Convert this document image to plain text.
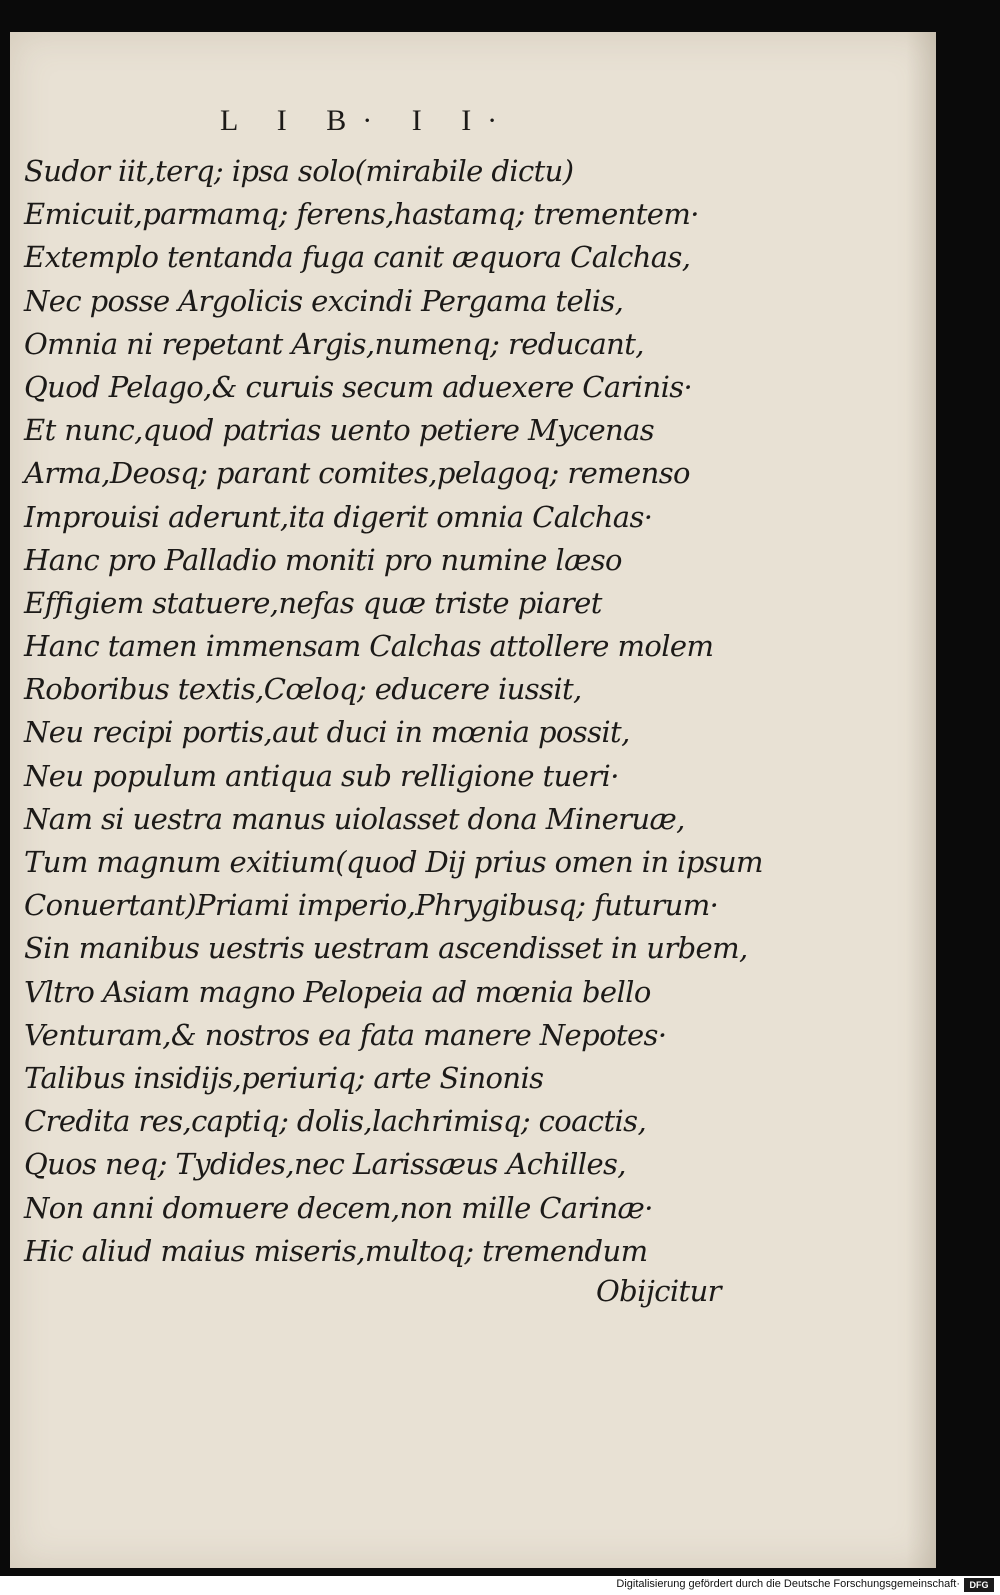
L I B· I I·
Sudor iit,terq; ipsa solo(mirabile dictu)
Emicuit,parmamq; ferens,hastamq; trementem·
Extemplo tentanda fuga canit æquora Calchas,
Nec posse Argolicis excindi Pergama telis,
Omnia ni repetant Argis,numenq; reducant,
Quod Pelago,& curuis secum aduexere Carinis·
Et nunc,quod patrias uento petiere Mycenas
Arma,Deosq; parant comites,pelagoq; remenso
Improuisi aderunt,ita digerit omnia Calchas·
Hanc pro Palladio moniti pro numine læso
Effigiem statuere,nefas quæ triste piaret
Hanc tamen immensam Calchas attollere molem
Roboribus textis,Cœloq; educere iussit,
Neu recipi portis,aut duci in mœnia possit,
Neu populum antiqua sub relligione tueri·
Nam si uestra manus uiolasset dona Mineruæ,
Tum magnum exitium(quod Dij prius omen in ipsum
Conuertant)Priami imperio,Phrygibusq; futurum·
Sin manibus uestris uestram ascendisset in urbem,
Vltro Asiam magno Pelopeia ad mœnia bello
Venturam,& nostros ea fata manere Nepotes·
Talibus insidijs,periuriq; arte Sinonis
Credita res,captiq; dolis,lachrimisq; coactis,
Quos neq; Tydides,nec Larissæus Achilles,
Non anni domuere decem,non mille Carinæ·
Hic aliud maius miseris,multoq; tremendum
Obijcitur
Digitalisierung gefördert durch die Deutsche Forschungsgemeinschaft·	DFG
